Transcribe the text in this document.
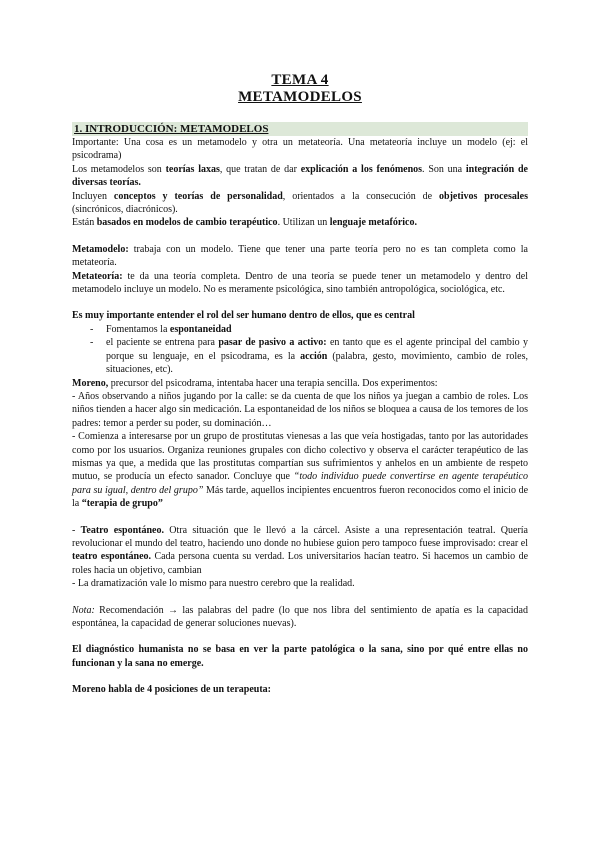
TEMA 4
METAMODELOS
1. INTRODUCCIÓN: METAMODELOS

Importante: Una cosa es un metamodelo y otra un metateoría. Una metateoría incluye un modelo (ej: el psicodrama)

Los metamodelos son teorías laxas, que tratan de dar explicación a los fenómenos. Son una integración de diversas teorías.

Incluyen conceptos y teorías de personalidad, orientados a la consecución de objetivos procesales (sincrónicos, diacrónicos).

Están basados en modelos de cambio terapéutico. Utilizan un lenguaje metafórico.

Metamodelo: trabaja con un modelo. Tiene que tener una parte teoría pero no es tan completa como la metateoría.

Metateoría: te da una teoría completa. Dentro de una teoría se puede tener un metamodelo y dentro del metamodelo incluye un modelo. No es meramente psicológica, sino también antropológica, sociológica, etc.

Es muy importante entender el rol del ser humano dentro de ellos, que es central

- Fomentamos la espontaneidad
- el paciente se entrena para pasar de pasivo a activo: en tanto que es el agente principal del cambio y porque su lenguaje, en el psicodrama, es la acción (palabra, gesto, movimiento, cambio de roles, situaciones, etc).

Moreno, precursor del psicodrama, intentaba hacer una terapia sencilla. Dos experimentos:

- Años observando a niños jugando por la calle: se da cuenta de que los niños ya juegan a cambio de roles. Los niños tienden a hacer algo sin medicación. La espontaneidad de los niños se bloquea a causa de los temores de los padres: temor a perder su poder, su dominación…

- Comienza a interesarse por un grupo de prostitutas vienesas a las que veía hostigadas, tanto por las autoridades como por los usuarios. Organiza reuniones grupales con dicho colectivo y observa el carácter terapéutico de las mismas ya que, a medida que las prostitutas compartían sus sufrimientos y anhelos en un ambiente de respeto mutuo, se producía un efecto sanador. Concluye que “todo individuo puede convertirse en agente terapéutico para su igual, dentro del grupo” Más tarde, aquellos incipientes encuentros fueron reconocidos como el inicio de la “terapia de grupo”

- Teatro espontáneo. Otra situación que le llevó a la cárcel. Asiste a una representación teatral. Quería revolucionar el mundo del teatro, haciendo uno donde no hubiese guion pero tampoco fuese improvisado: crear el teatro espontáneo. Cada persona cuenta su verdad. Los universitarios hacían teatro. Si hacemos un cambio de roles hacia un objetivo, cambian

- La dramatización vale lo mismo para nuestro cerebro que la realidad.

Nota: Recomendación → las palabras del padre (lo que nos libra del sentimiento de apatía es la capacidad espontánea, la capacidad de generar soluciones nuevas).

El diagnóstico humanista no se basa en ver la parte patológica o la sana, sino por qué entre ellas no funcionan y la sana no emerge.

Moreno habla de 4 posiciones de un terapeuta:
